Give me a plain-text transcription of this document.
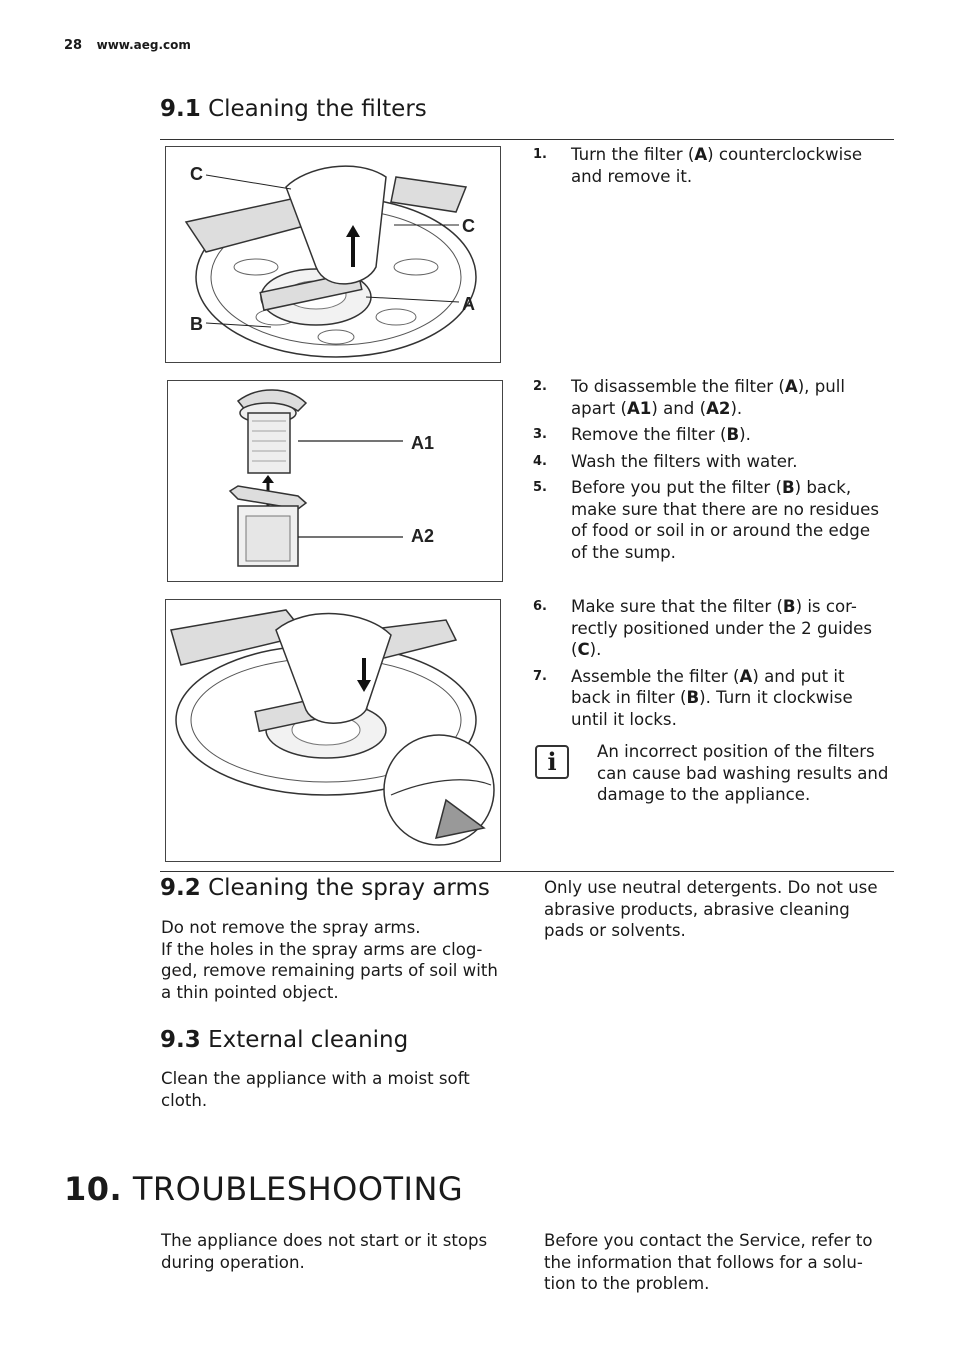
28 www.aeg.com
9.1 Cleaning the filters
C
C
A
B
1. Turn the filter (A) counterclockwise and remove it.
A1
A2
2. To disassemble the filter (A), pull apart (A1) and (A2).
3. Remove the filter (B).
4. Wash the filters with water.
5. Before you put the filter (B) back, make sure that there are no residues of food or soil in or around the edge of the sump.
6. Make sure that the filter (B) is cor-rectly positioned under the 2 guides (C).
7. Assemble the filter (A) and put it back in filter (B). Turn it clockwise until it locks.
i	An incorrect position of the filters can cause bad washing results and damage to the appliance.

9.2 Cleaning the spray arms

Do not remove the spray arms.
If the holes in the spray arms are clog-ged, remove remaining parts of soil with a thin pointed object.

Only use neutral detergents. Do not use abrasive products, abrasive cleaning pads or solvents.

9.3 External cleaning

Clean the appliance with a moist soft cloth.

10. TROUBLESHOOTING

The appliance does not start or it stops during operation.

Before you contact the Service, refer to the information that follows for a solu-tion to the problem.
